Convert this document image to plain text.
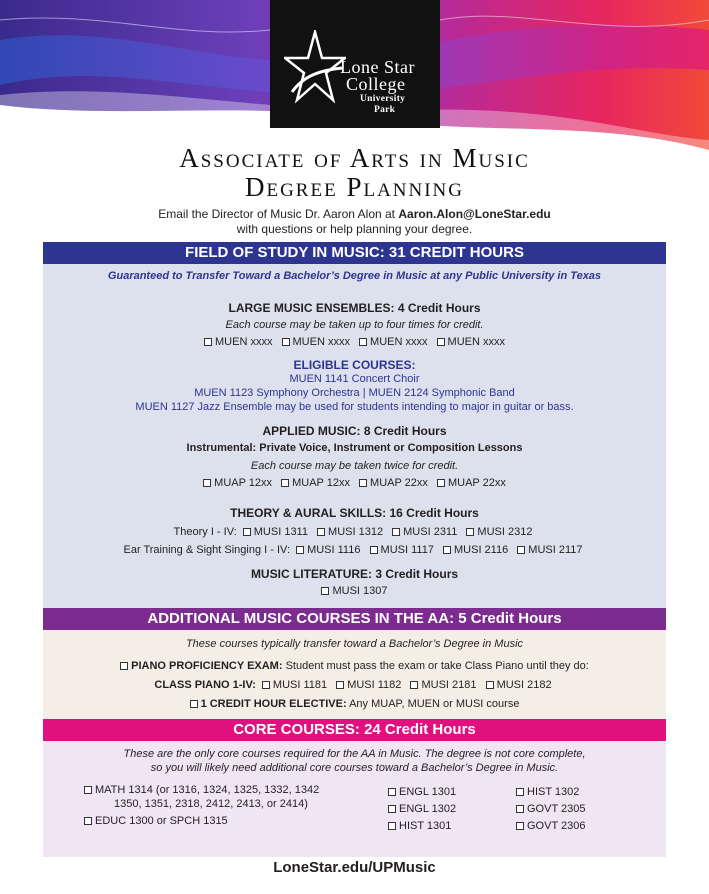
Lone Star
College
University
Park
Associate of Arts in Music
Degree Planning
Email the Director of Music Dr. Aaron Alon at Aaron.Alon@LoneStar.edu
with questions or help planning your degree.
FIELD OF STUDY IN MUSIC: 31 CREDIT HOURS
Guaranteed to Transfer Toward a Bachelor’s Degree in Music at any Public University in Texas
LARGE MUSIC ENSEMBLES: 4 Credit Hours
Each course may be taken up to four times for credit.
MUEN xxxx MUEN xxxx MUEN xxxx MUEN xxxx
ELIGIBLE COURSES:
MUEN 1141 Concert Choir
MUEN 1123 Symphony Orchestra | MUEN 2124 Symphonic Band
MUEN 1127 Jazz Ensemble may be used for students intending to major in guitar or bass.
APPLIED MUSIC: 8 Credit Hours
Instrumental: Private Voice, Instrument or Composition Lessons
Each course may be taken twice for credit.
MUAP 12xx MUAP 12xx MUAP 22xx MUAP 22xx
THEORY & AURAL SKILLS: 16 Credit Hours
Theory I - IV: MUSI 1311 MUSI 1312 MUSI 2311 MUSI 2312
Ear Training & Sight Singing I - IV: MUSI 1116 MUSI 1117 MUSI 2116 MUSI 2117
MUSIC LITERATURE: 3 Credit Hours
MUSI 1307
ADDITIONAL MUSIC COURSES IN THE AA: 5 Credit Hours
These courses typically transfer toward a Bachelor’s Degree in Music
PIANO PROFICIENCY EXAM: Student must pass the exam or take Class Piano until they do:
CLASS PIANO 1-IV: MUSI 1181 MUSI 1182 MUSI 2181 MUSI 2182
1 CREDIT HOUR ELECTIVE: Any MUAP, MUEN or MUSI course
CORE COURSES: 24 Credit Hours
These are the only core courses required for the AA in Music. The degree is not core complete,
so you will likely need additional core courses toward a Bachelor’s Degree in Music.
MATH 1314 (or 1316, 1324, 1325, 1332, 1342
1350, 1351, 2318, 2412, 2413, or 2414)
EDUC 1300 or SPCH 1315
ENGL 1301
ENGL 1302
HIST 1301
HIST 1302
GOVT 2305
GOVT 2306
LoneStar.edu/UPMusic
